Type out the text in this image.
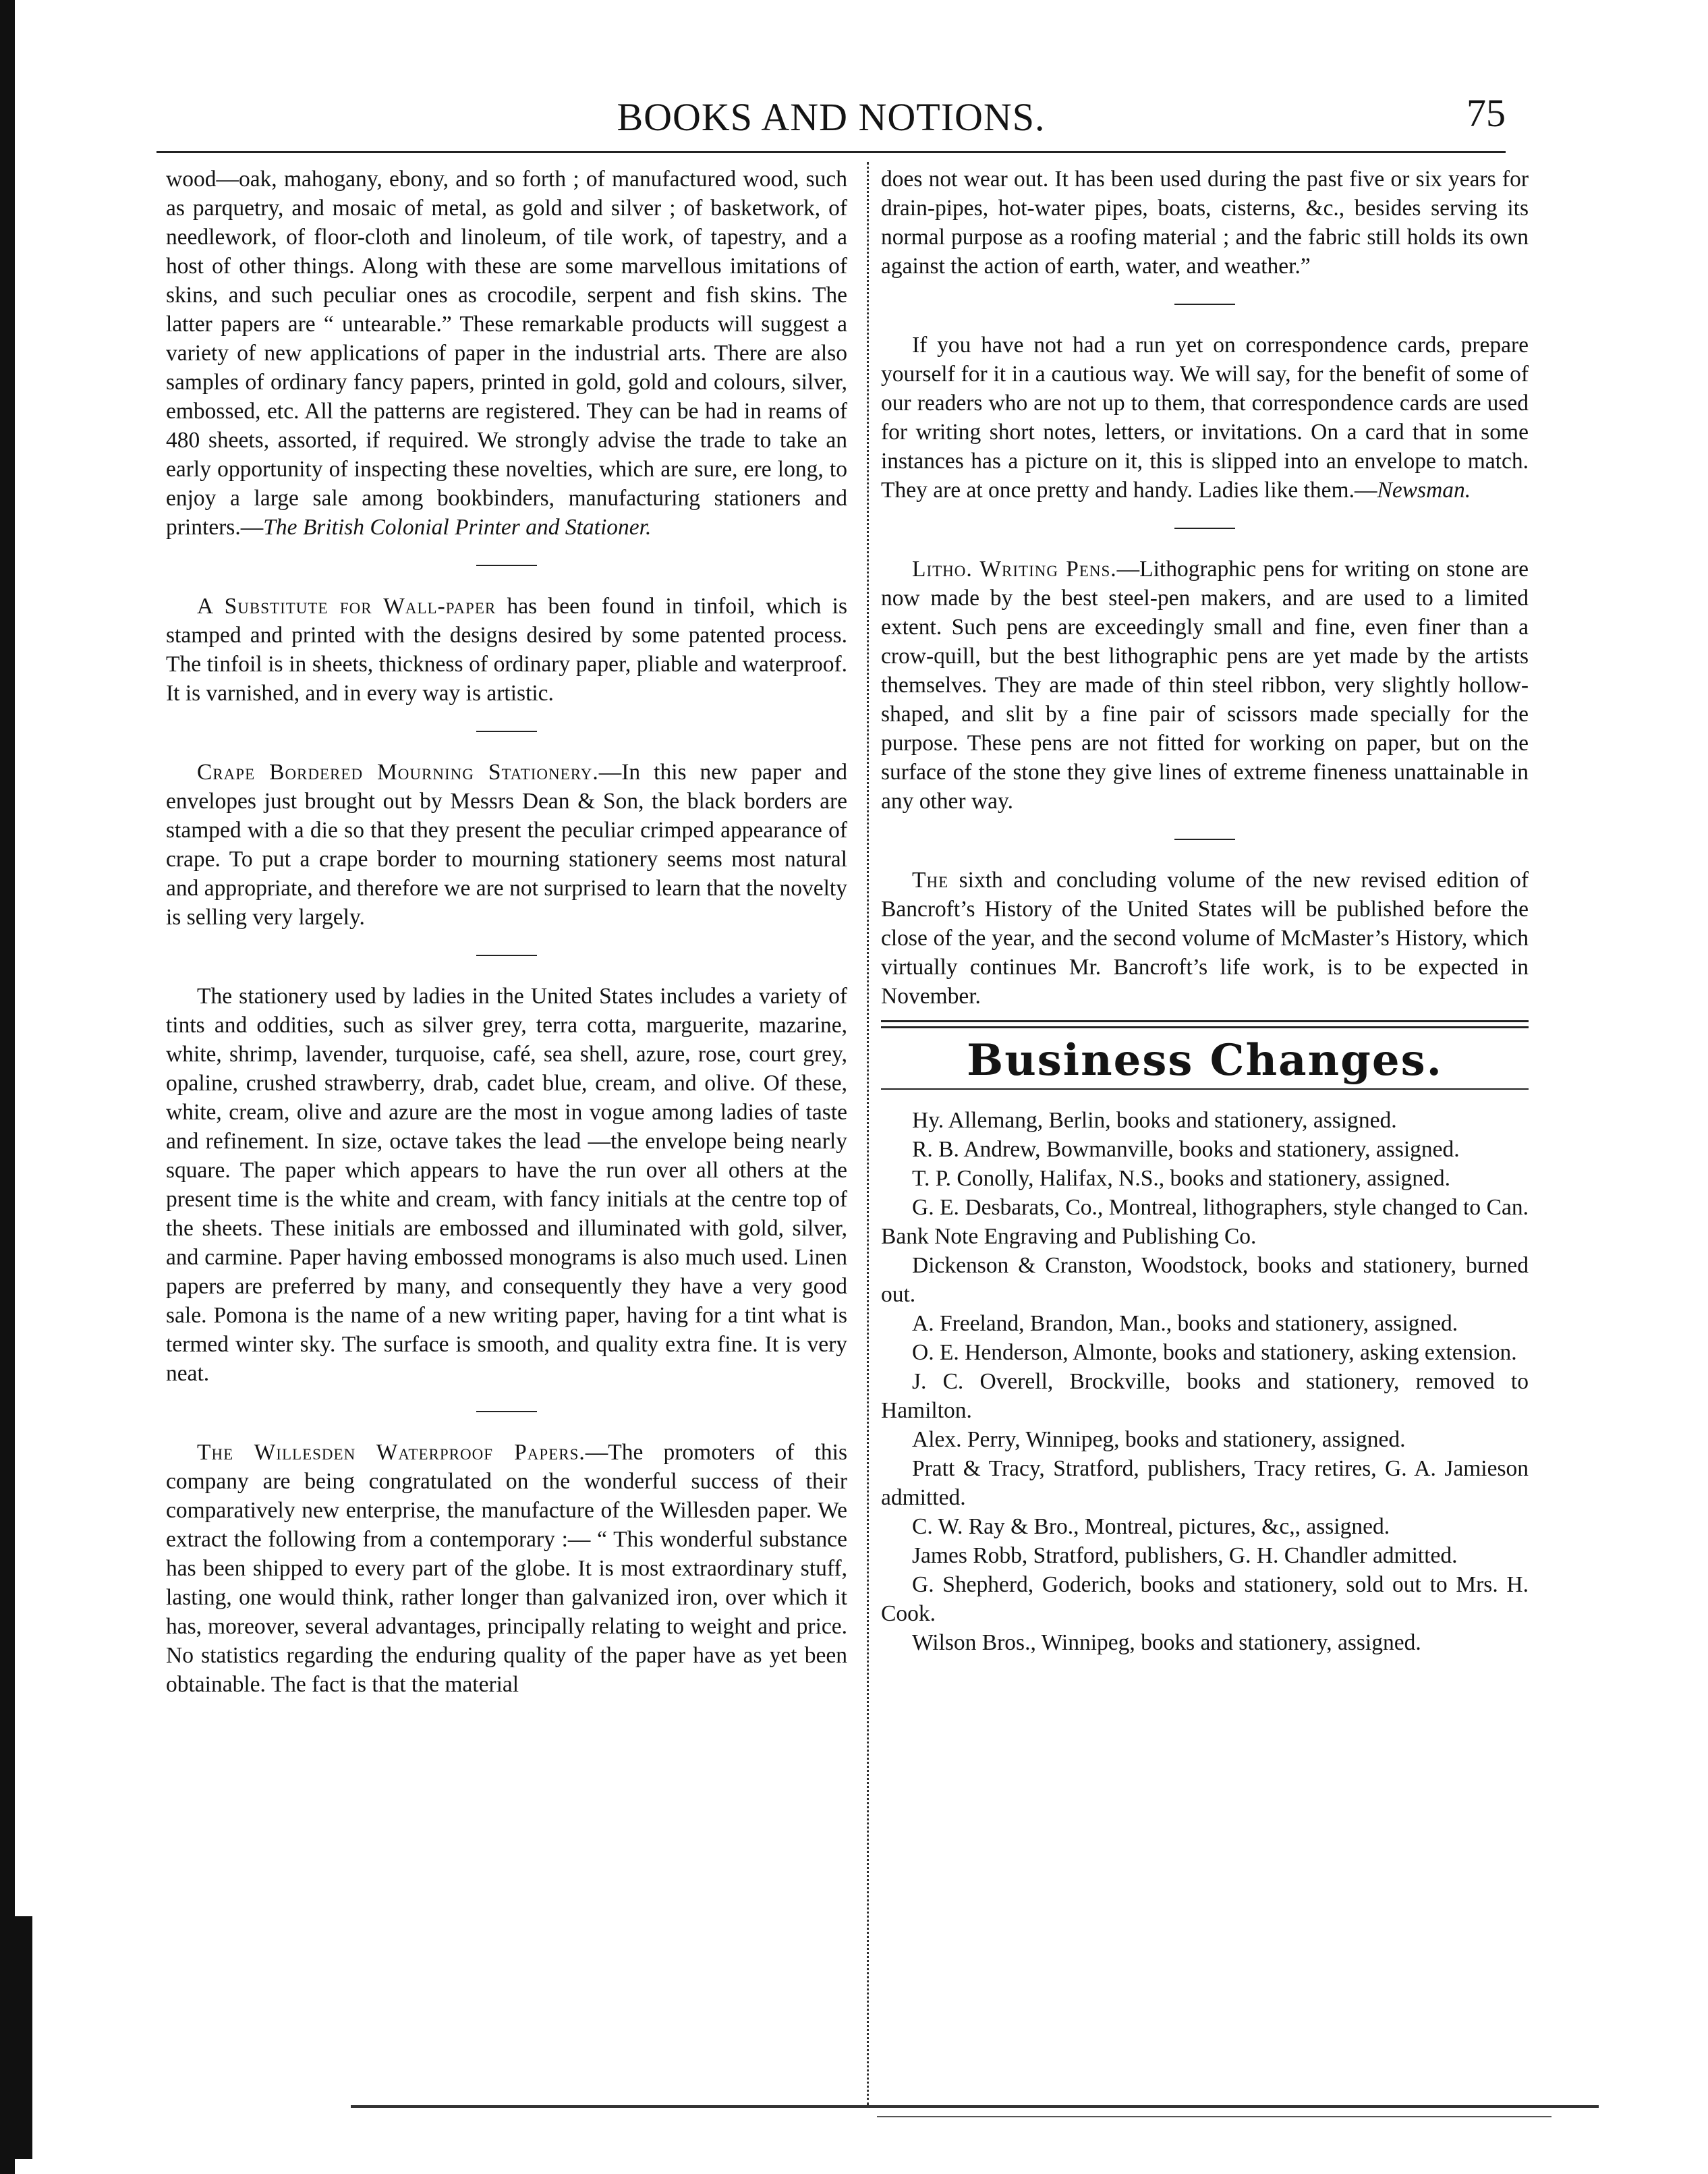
BOOKS AND NOTIONS.	75

wood—oak, mahogany, ebony, and so forth ; of manufactured wood, such as parquetry, and mosaic of metal, as gold and silver ; of basketwork, of needlework, of floor-cloth and linoleum, of tile work, of tapestry, and a host of other things. Along with these are some marvellous imitations of skins, and such peculiar ones as crocodile, serpent and fish skins. The latter papers are “ untearable.” These remarkable products will suggest a variety of new applications of paper in the industrial arts. There are also samples of ordinary fancy papers, printed in gold, gold and colours, silver, embossed, etc. All the patterns are registered. They can be had in reams of 480 sheets, assorted, if required. We strongly advise the trade to take an early opportunity of inspecting these novelties, which are sure, ere long, to enjoy a large sale among bookbinders, manufacturing stationers and printers.—The British Colonial Printer and Stationer.

A Substitute for Wall-paper has been found in tinfoil, which is stamped and printed with the designs desired by some patented process. The tinfoil is in sheets, thickness of ordinary paper, pliable and waterproof. It is varnished, and in every way is artistic.

Crape Bordered Mourning Stationery.—In this new paper and envelopes just brought out by Messrs Dean & Son, the black borders are stamped with a die so that they present the peculiar crimped appearance of crape. To put a crape border to mourning stationery seems most natural and appropriate, and therefore we are not surprised to learn that the novelty is selling very largely.

The stationery used by ladies in the United States includes a variety of tints and oddities, such as silver grey, terra cotta, marguerite, mazarine, white, shrimp, lavender, turquoise, café, sea shell, azure, rose, court grey, opaline, crushed strawberry, drab, cadet blue, cream, and olive. Of these, white, cream, olive and azure are the most in vogue among ladies of taste and refinement. In size, octave takes the lead —the envelope being nearly square. The paper which appears to have the run over all others at the present time is the white and cream, with fancy initials at the centre top of the sheets. These initials are embossed and illuminated with gold, silver, and carmine. Paper having embossed monograms is also much used. Linen papers are preferred by many, and consequently they have a very good sale. Pomona is the name of a new writing paper, having for a tint what is termed winter sky. The surface is smooth, and quality extra fine. It is very neat.

The Willesden Waterproof Papers.—The promoters of this company are being congratulated on the wonderful success of their comparatively new enterprise, the manufacture of the Willesden paper. We extract the following from a contemporary :— “ This wonderful substance has been shipped to every part of the globe. It is most extraordinary stuff, lasting, one would think, rather longer than galvanized iron, over which it has, moreover, several advantages, principally relating to weight and price. No statistics regarding the enduring quality of the paper have as yet been obtainable. The fact is that the material

does not wear out. It has been used during the past five or six years for drain-pipes, hot-water pipes, boats, cisterns, &c., besides serving its normal purpose as a roofing material ; and the fabric still holds its own against the action of earth, water, and weather.”

If you have not had a run yet on correspondence cards, prepare yourself for it in a cautious way. We will say, for the benefit of some of our readers who are not up to them, that correspondence cards are used for writing short notes, letters, or invitations. On a card that in some instances has a picture on it, this is slipped into an envelope to match. They are at once pretty and handy. Ladies like them.—Newsman.

Litho. Writing Pens.—Lithographic pens for writing on stone are now made by the best steel-pen makers, and are used to a limited extent. Such pens are exceedingly small and fine, even finer than a crow-quill, but the best lithographic pens are yet made by the artists themselves. They are made of thin steel ribbon, very slightly hollow-shaped, and slit by a fine pair of scissors made specially for the purpose. These pens are not fitted for working on paper, but on the surface of the stone they give lines of extreme fineness unattainable in any other way.

The sixth and concluding volume of the new revised edition of Bancroft’s History of the United States will be published before the close of the year, and the second volume of McMaster’s History, which virtually continues Mr. Bancroft’s life work, is to be expected in November.

Business Changes.

Hy. Allemang, Berlin, books and stationery, assigned.

R. B. Andrew, Bowmanville, books and stationery, assigned.

T. P. Conolly, Halifax, N.S., books and stationery, assigned.

G. E. Desbarats, Co., Montreal, lithographers, style changed to Can. Bank Note Engraving and Publishing Co.

Dickenson & Cranston, Woodstock, books and stationery, burned out.

A. Freeland, Brandon, Man., books and stationery, assigned.

O. E. Henderson, Almonte, books and stationery, asking extension.

J. C. Overell, Brockville, books and stationery, removed to Hamilton.

Alex. Perry, Winnipeg, books and stationery, assigned.

Pratt & Tracy, Stratford, publishers, Tracy retires, G. A. Jamieson admitted.

C. W. Ray & Bro., Montreal, pictures, &c,, assigned.

James Robb, Stratford, publishers, G. H. Chandler admitted.

G. Shepherd, Goderich, books and stationery, sold out to Mrs. H. Cook.

Wilson Bros., Winnipeg, books and stationery, assigned.
